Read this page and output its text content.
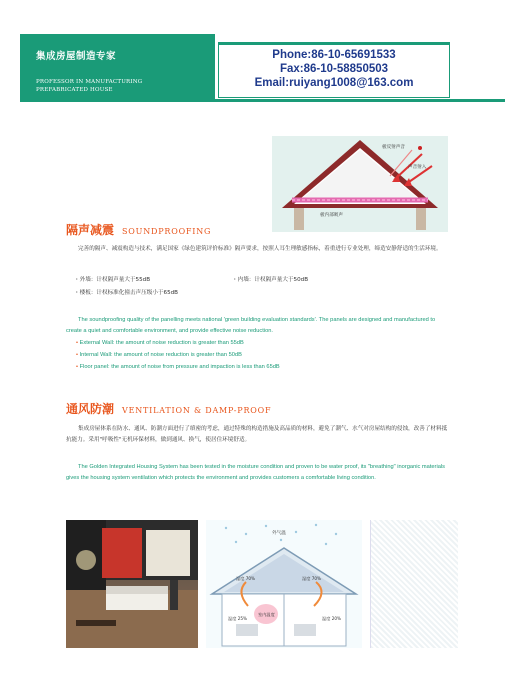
集成房屋制造专家
PROFESSOR IN MANUFACTURING
PREFABRICATED HOUSE
Phone:86-10-65691533
Fax:86-10-58850503
Email:ruiyang1008@163.com
板反射声音
声音射入
板内部吸声
隔声减震 SOUNDPROOFING
完善的隔声、减震构造与技术，满足国家《绿色建筑评价标准》隔声要求，按照人耳生理敏感指标，着重进行专业处理，缔造安静舒适的生活环境。
・外墙：计权隔声量大于55dB	・内墙：计权隔声量大于50dB
・楼板：计权标准化撞击声压级小于65dB
The soundproofing quality of the panelling meets national 'green building evaluation standards'. The panels are designed and manufactured to create a quiet and comfortable environment, and provide effective noise reduction.
• External Wall: the amount of noise reduction is greater than 55dB
• Internal Wall: the amount of noise reduction is greater than 50dB
• Floor panel: the amount of noise from pressure and impaction is less than 65dB
通风防潮 VENTILATION & DAMP-PROOF
集成房屋体系在防水、通风、防潮方面进行了缜密的考虑，通过特殊的构造措施及高品质的材料，避免了潮气、水气对房屋结构的侵蚀，改善了材料抵抗能力。采用"呼吸性"无机环保材料，做到通风、换气，使居住环境舒适。
The Golden Integrated Housing System has been tested in the moisture condition and proven to be water proof, its "breathing" inorganic materials gives the housing system ventilation which protects the environment and provides customers a comfortable living condition.
外气温
湿度 70%	湿度 70%
室内温度
温度 25%	温度 20%
